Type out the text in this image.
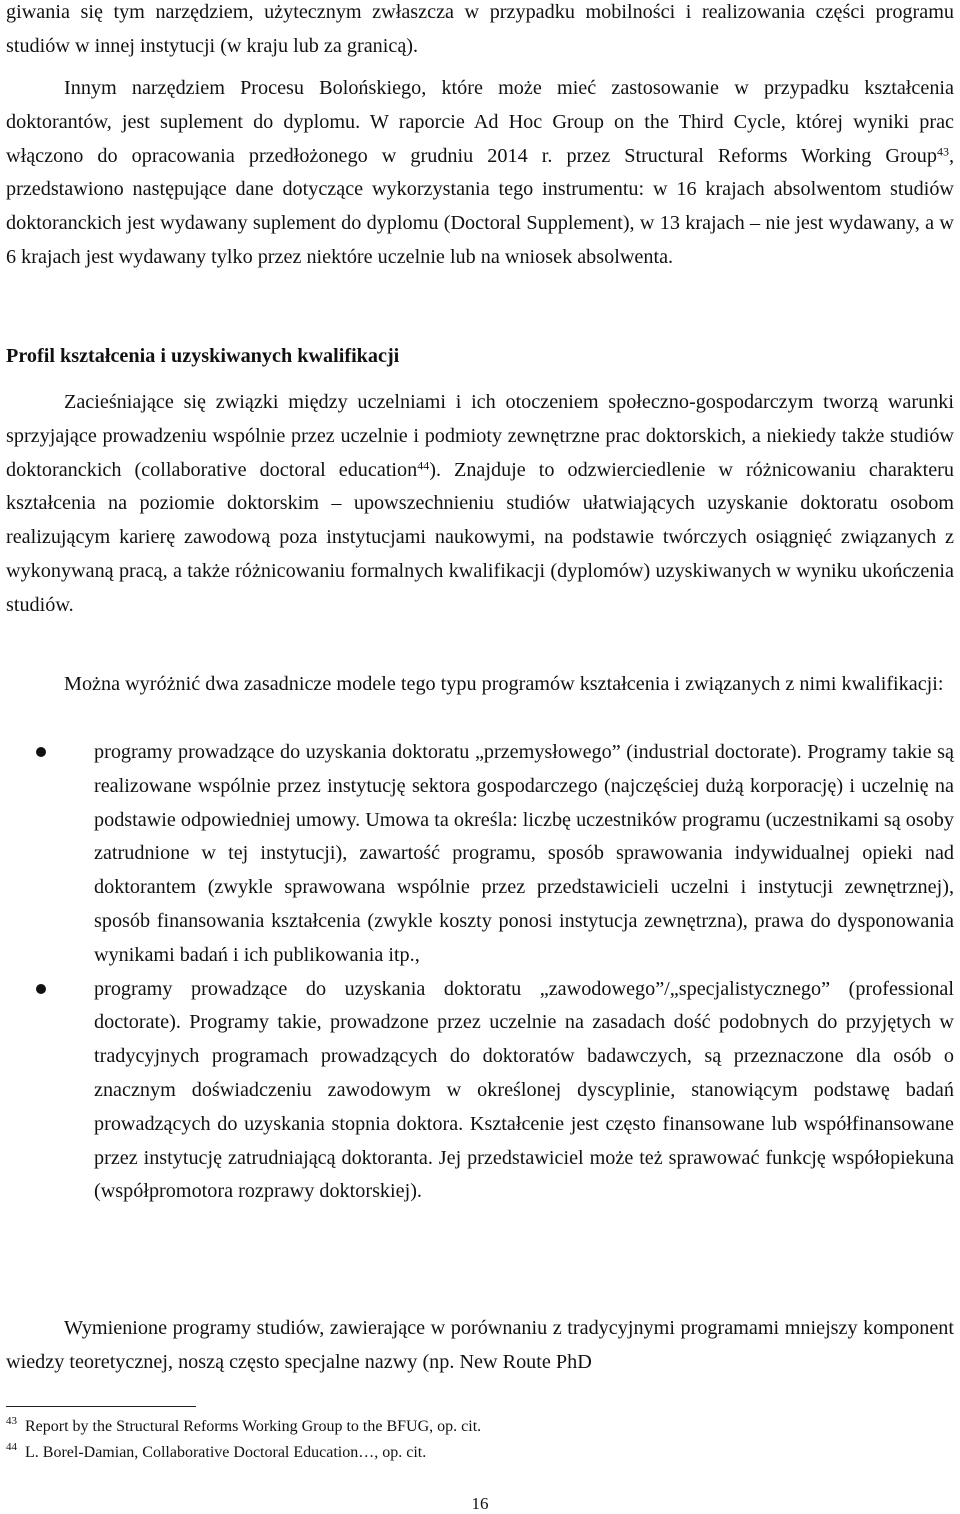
giwania się tym narzędziem, użytecznym zwłaszcza w przypadku mobilności i realizowania części programu studiów w innej instytucji (w kraju lub za granicą).

Innym narzędziem Procesu Bolońskiego, które może mieć zastosowanie w przypadku kształcenia doktorantów, jest suplement do dyplomu. W raporcie Ad Hoc Group on the Third Cycle, której wyniki prac włączono do opracowania przedłożonego w grudniu 2014 r. przez Structural Reforms Working Group$^{43}$, przedstawiono następujące dane dotyczące wykorzystania tego instrumentu: w 16 krajach absolwentom studiów doktoranckich jest wydawany suplement do dyplomu (Doctoral Supplement), w 13 krajach – nie jest wydawany, a w 6 krajach jest wydawany tylko przez niektóre uczelnie lub na wniosek absolwenta.

Profil kształcenia i uzyskiwanych kwalifikacji

Zacieśniające się związki między uczelniami i ich otoczeniem społeczno-gospodarczym tworzą warunki sprzyjające prowadzeniu wspólnie przez uczelnie i podmioty zewnętrzne prac doktorskich, a niekiedy także studiów doktoranckich (collaborative doctoral education$^{44}$). Znajduje to odzwierciedlenie w różnicowaniu charakteru kształcenia na poziomie doktorskim – upowszechnieniu studiów ułatwiających uzyskanie doktoratu osobom realizującym karierę zawodową poza instytucjami naukowymi, na podstawie twórczych osiągnięć związanych z wykonywaną pracą, a także różnicowaniu formalnych kwalifikacji (dyplomów) uzyskiwanych w wyniku ukończenia studiów.

Można wyróżnić dwa zasadnicze modele tego typu programów kształcenia i związanych z nimi kwalifikacji:

programy prowadzące do uzyskania doktoratu „przemysłowego” (industrial doctorate). Programy takie są realizowane wspólnie przez instytucję sektora gospodarczego (najczęściej dużą korporację) i uczelnię na podstawie odpowiedniej umowy. Umowa ta określa: liczbę uczestników programu (uczestnikami są osoby zatrudnione w tej instytucji), zawartość programu, sposób sprawowania indywidualnej opieki nad doktorantem (zwykle sprawowana wspólnie przez przedstawicieli uczelni i instytucji zewnętrznej), sposób finansowania kształcenia (zwykle koszty ponosi instytucja zewnętrzna), prawa do dysponowania wynikami badań i ich publikowania itp.,
programy prowadzące do uzyskania doktoratu „zawodowego”/„specjalistycznego” (professional doctorate). Programy takie, prowadzone przez uczelnie na zasadach dość podobnych do przyjętych w tradycyjnych programach prowadzących do doktoratów badawczych, są przeznaczone dla osób o znacznym doświadczeniu zawodowym w określonej dyscyplinie, stanowiącym podstawę badań prowadzących do uzyskania stopnia doktora. Kształcenie jest często finansowane lub współfinansowane przez instytucję zatrudniającą doktoranta. Jej przedstawiciel może też sprawować funkcję współopiekuna (współpromotora rozprawy doktorskiej).

Wymienione programy studiów, zawierające w porównaniu z tradycyjnymi programami mniejszy komponent wiedzy teoretycznej, noszą często specjalne nazwy (np. New Route PhD

$^{43}$ Report by the Structural Reforms Working Group to the BFUG, op. cit.

$^{44}$ L. Borel-Damian, Collaborative Doctoral Education…, op. cit.

16
